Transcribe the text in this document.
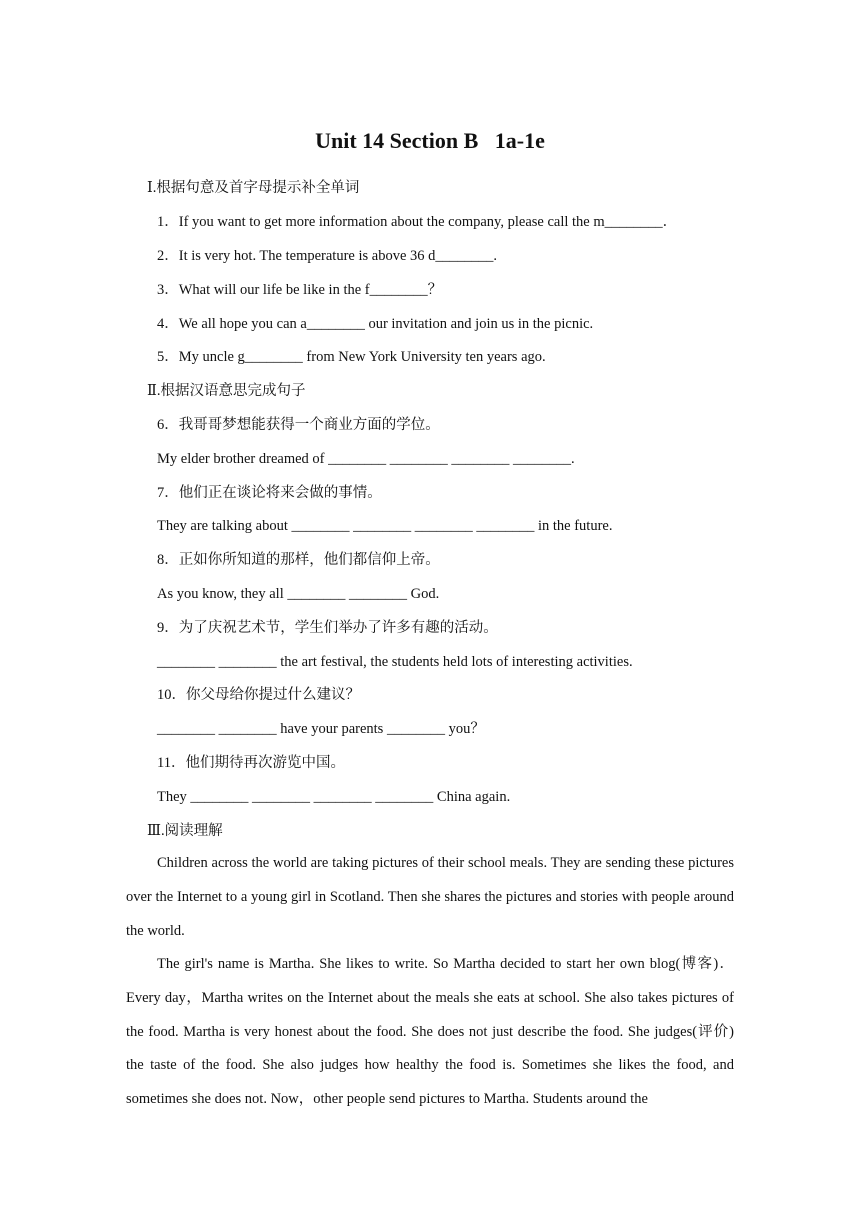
Unit 14 Section B   1a-1e
Ⅰ.根据句意及首字母提示补全单词
1．If you want to get more information about the company, please call the m________．
2．It is very hot. The temperature is above 36 d________.
3．What will our life be like in the f________？
4．We all hope you can a________ our invitation and join us in the picnic.
5．My uncle g________ from New York University ten years ago.
Ⅱ.根据汉语意思完成句子
6．我哥哥梦想能获得一个商业方面的学位。
My elder brother dreamed of ________ ________ ________ ________.
7．他们正在谈论将来会做的事情。
They are talking about ________ ________ ________ ________ in the future.
8．正如你所知道的那样，他们都信仰上帝。
As you know, they all ________ ________ God.
9．为了庆祝艺术节，学生们举办了许多有趣的活动。
________ ________ the art festival, the students held lots of interesting activities.
10．你父母给你提过什么建议？
________ ________ have your parents ________ you？
11．他们期待再次游览中国。
They ________ ________ ________ ________ China again.
Ⅲ.阅读理解
Children across the world are taking pictures of their school meals. They are sending these pictures over the Internet to a young girl in Scotland. Then she shares the pictures and stories with people around the world.
The girl's name is Martha. She likes to write. So Martha decided to start her own blog(博客)．Every day，Martha writes on the Internet about the meals she eats at school. She also takes pictures of the food. Martha is very honest about the food. She does not just describe the food. She judges(评价) the taste of the food. She also judges how healthy the food is. Sometimes she likes the food, and sometimes she does not. Now，other people send pictures to Martha. Students around the
